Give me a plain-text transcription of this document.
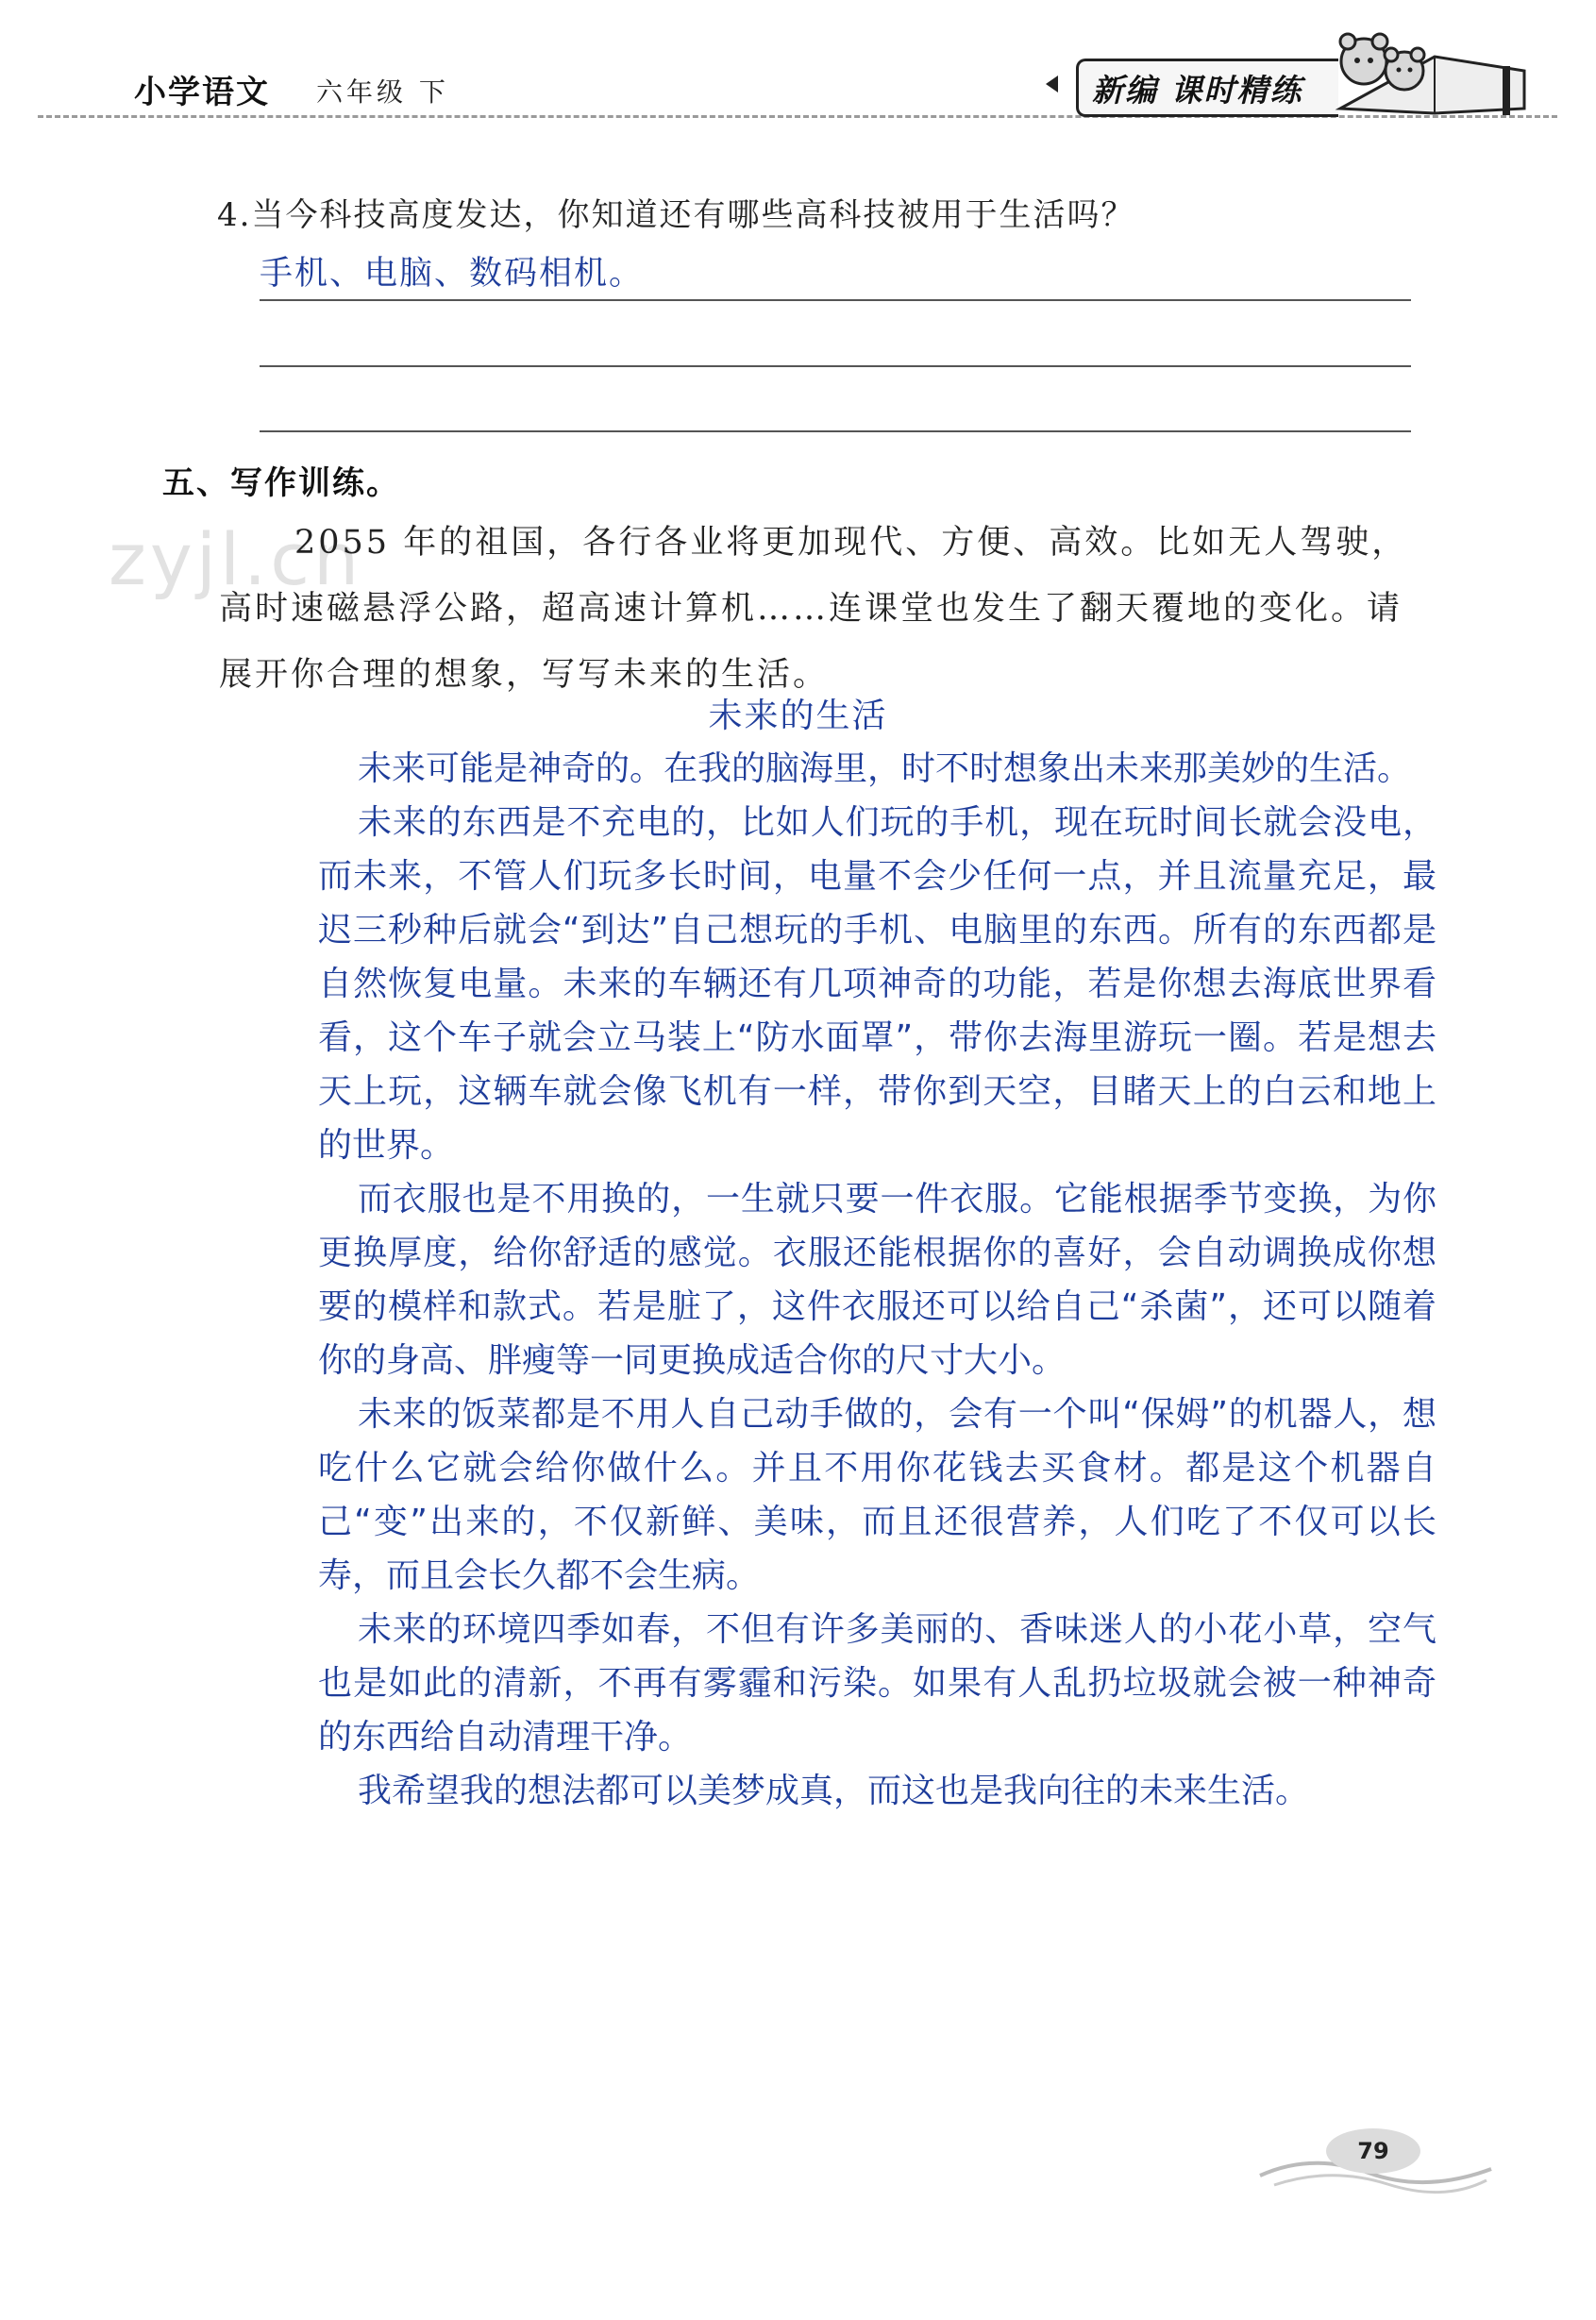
小学语文 六年级 下	新编 课时精练
4.当今科技高度发达，你知道还有哪些高科技被用于生活吗？
手机、电脑、数码相机。
五、写作训练。
zyjl.cn
2055 年的祖国，各行各业将更加现代、方便、高效。比如无人驾驶，高时速磁悬浮公路，超高速计算机……连课堂也发生了翻天覆地的变化。请展开你合理的想象，写写未来的生活。
未来的生活

未来可能是神奇的。在我的脑海里，时不时想象出未来那美妙的生活。

未来的东西是不充电的，比如人们玩的手机，现在玩时间长就会没电，而未来，不管人们玩多长时间，电量不会少任何一点，并且流量充足，最迟三秒种后就会“到达”自己想玩的手机、电脑里的东西。所有的东西都是自然恢复电量。未来的车辆还有几项神奇的功能，若是你想去海底世界看看，这个车子就会立马装上“防水面罩”，带你去海里游玩一圈。若是想去天上玩，这辆车就会像飞机有一样，带你到天空，目睹天上的白云和地上的世界。

而衣服也是不用换的，一生就只要一件衣服。它能根据季节变换，为你更换厚度，给你舒适的感觉。衣服还能根据你的喜好，会自动调换成你想要的模样和款式。若是脏了，这件衣服还可以给自己“杀菌”，还可以随着你的身高、胖瘦等一同更换成适合你的尺寸大小。

未来的饭菜都是不用人自己动手做的，会有一个叫“保姆”的机器人，想吃什么它就会给你做什么。并且不用你花钱去买食材。都是这个机器自己“变”出来的，不仅新鲜、美味，而且还很营养，人们吃了不仅可以长寿，而且会长久都不会生病。

未来的环境四季如春，不但有许多美丽的、香味迷人的小花小草，空气也是如此的清新，不再有雾霾和污染。如果有人乱扔垃圾就会被一种神奇的东西给自动清理干净。

我希望我的想法都可以美梦成真，而这也是我向往的未来生活。

79
